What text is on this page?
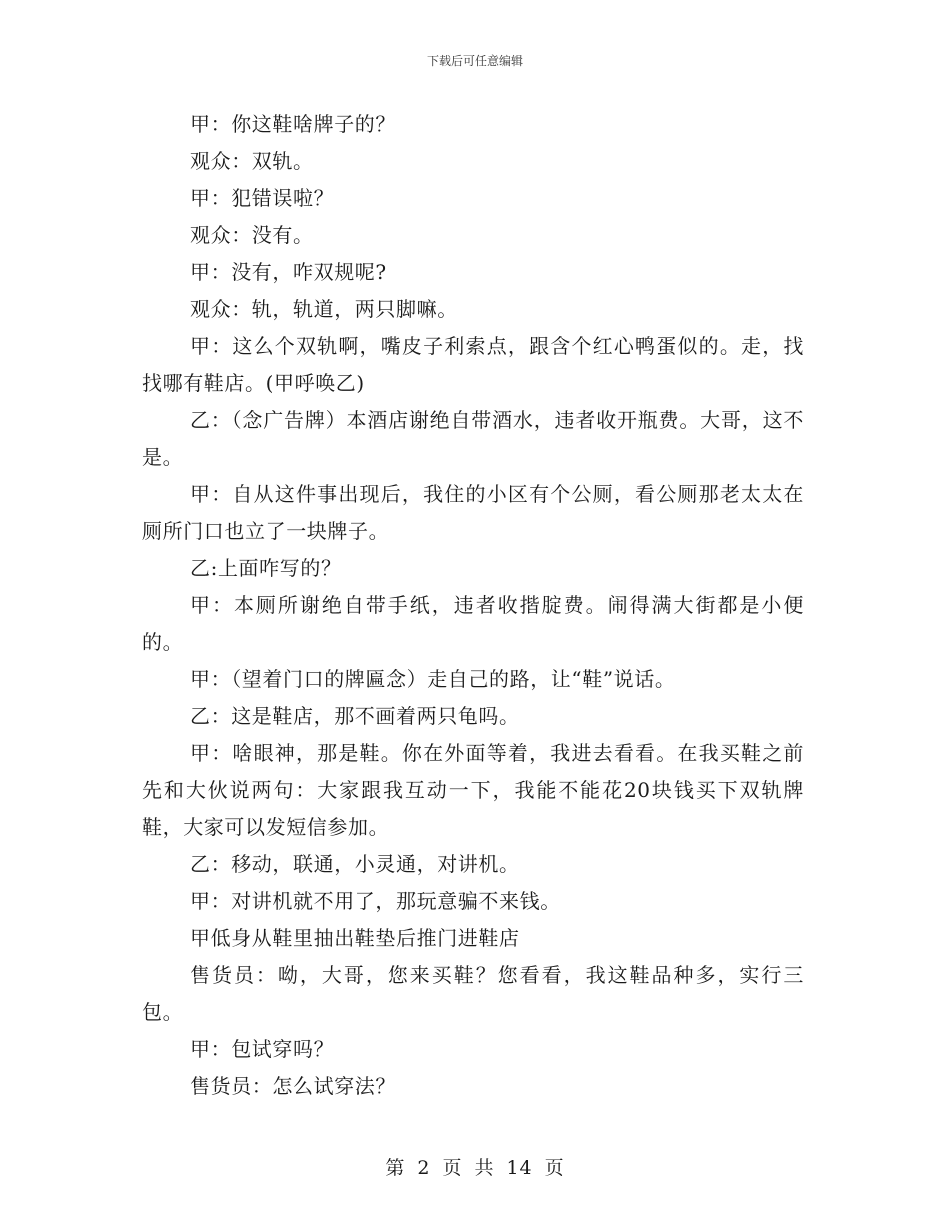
下载后可任意编辑

甲：你这鞋啥牌子的？

观众：双轨。

甲：犯错误啦？

观众：没有。

甲：没有，咋双规呢?

观众：轨，轨道，两只脚嘛。

甲：这么个双轨啊，嘴皮子利索点，跟含个红心鸭蛋似的。走，找找哪有鞋店。(甲呼唤乙)

乙：（念广告牌）本酒店谢绝自带酒水，违者收开瓶费。大哥，这不是。

甲：自从这件事出现后，我住的小区有个公厕，看公厕那老太太在厕所门口也立了一块牌子。

乙:上面咋写的？

甲：本厕所谢绝自带手纸，违者收揩腚费。闹得满大街都是小便的。

甲：（望着门口的牌匾念）走自己的路，让“鞋”说话。

乙：这是鞋店，那不画着两只龟吗。

甲：啥眼神，那是鞋。你在外面等着，我进去看看。在我买鞋之前先和大伙说两句：大家跟我互动一下，我能不能花20块钱买下双轨牌鞋，大家可以发短信参加。

乙：移动，联通，小灵通，对讲机。

甲：对讲机就不用了，那玩意骗不来钱。

甲低身从鞋里抽出鞋垫后推门进鞋店

售货员：呦，大哥，您来买鞋？您看看，我这鞋品种多，实行三包。

甲：包试穿吗？

售货员：怎么试穿法？

第 2 页 共 14 页
